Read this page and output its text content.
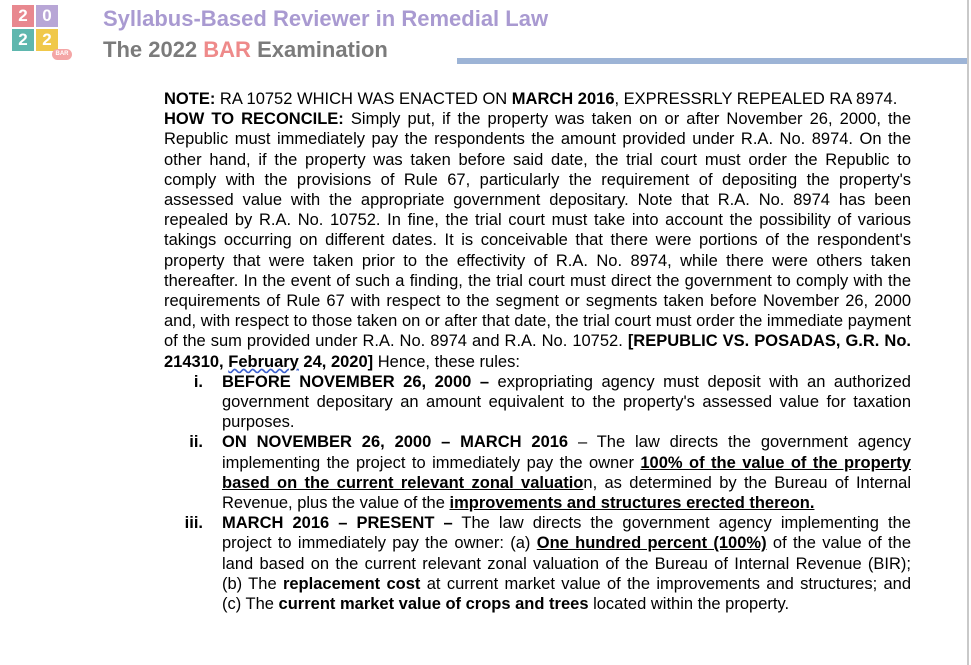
2 0
2 2
BAR
Syllabus-Based Reviewer in Remedial Law
The 2022 BAR Examination

NOTE: RA 10752 WHICH WAS ENACTED ON MARCH 2016, EXPRESSRLY REPEALED RA 8974.

HOW TO RECONCILE: Simply put, if the property was taken on or after November 26, 2000, the Republic must immediately pay the respondents the amount provided under R.A. No. 8974. On the other hand, if the property was taken before said date, the trial court must order the Republic to comply with the provisions of Rule 67, particularly the requirement of depositing the property's assessed value with the appropriate government depositary. Note that R.A. No. 8974 has been repealed by R.A. No. 10752. In fine, the trial court must take into account the possibility of various takings occurring on different dates. It is conceivable that there were portions of the respondent's property that were taken prior to the effectivity of R.A. No. 8974, while there were others taken thereafter. In the event of such a finding, the trial court must direct the government to comply with the requirements of Rule 67 with respect to the segment or segments taken before November 26, 2000 and, with respect to those taken on or after that date, the trial court must order the immediate payment of the sum provided under R.A. No. 8974 and R.A. No. 10752. [REPUBLIC VS. POSADAS, G.R. No. 214310, February 24, 2020] Hence, these rules:

i. BEFORE NOVEMBER 26, 2000 – expropriating agency must deposit with an authorized government depositary an amount equivalent to the property's assessed value for taxation purposes.
ii. ON NOVEMBER 26, 2000 – MARCH 2016 – The law directs the government agency implementing the project to immediately pay the owner 100% of the value of the property based on the current relevant zonal valuation, as determined by the Bureau of Internal Revenue, plus the value of the improvements and structures erected thereon.
iii. MARCH 2016 – PRESENT – The law directs the government agency implementing the project to immediately pay the owner: (a) One hundred percent (100%) of the value of the land based on the current relevant zonal valuation of the Bureau of Internal Revenue (BIR); (b) The replacement cost at current market value of the improvements and structures; and (c) The current market value of crops and trees located within the property.
